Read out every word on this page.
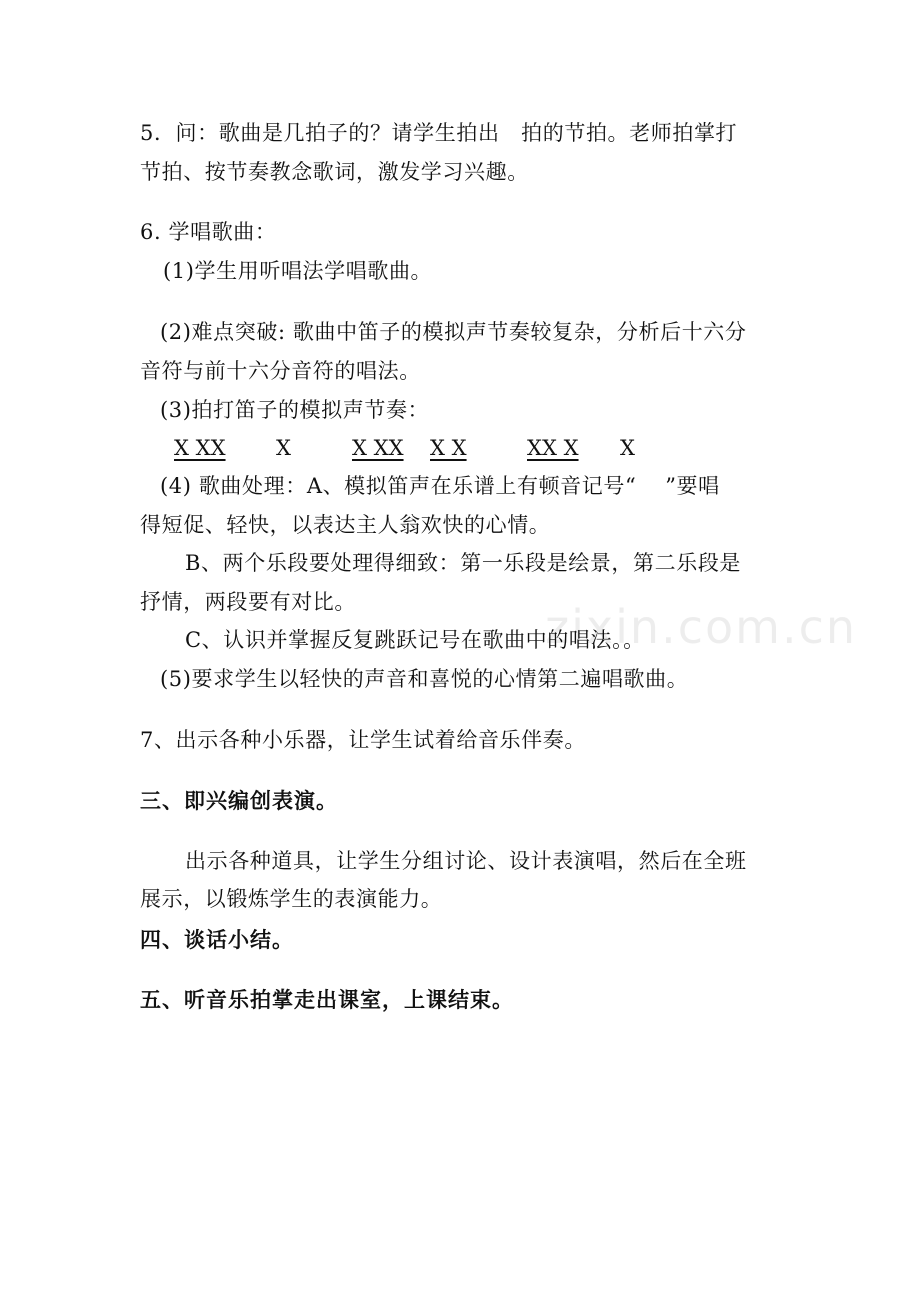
5．问：歌曲是几拍子的？请学生拍出　拍的节拍。老师拍掌打
节拍、按节奏教念歌词，激发学习兴趣。
6. 学唱歌曲：
(1)学生用听唱法学唱歌曲。
(2)难点突破: 歌曲中笛子的模拟声节奏较复杂，分析后十六分
音符与前十六分音符的唱法。
(3)拍打笛子的模拟声节奏：
X XX X	X XX X X	XX X X
(4) 歌曲处理：A、模拟笛声在乐谱上有顿音记号“　 ”要唱
得短促、轻快，以表达主人翁欢快的心情。
B、两个乐段要处理得细致：第一乐段是绘景，第二乐段是
抒情，两段要有对比。
C、认识并掌握反复跳跃记号在歌曲中的唱法。。
(5)要求学生以轻快的声音和喜悦的心情第二遍唱歌曲。
7、出示各种小乐器，让学生试着给音乐伴奏。
三、即兴编创表演。
出示各种道具，让学生分组讨论、设计表演唱，然后在全班
展示，以锻炼学生的表演能力。
四、谈话小结。
五、听音乐拍掌走出课室，上课结束。
zixin.com.cn
